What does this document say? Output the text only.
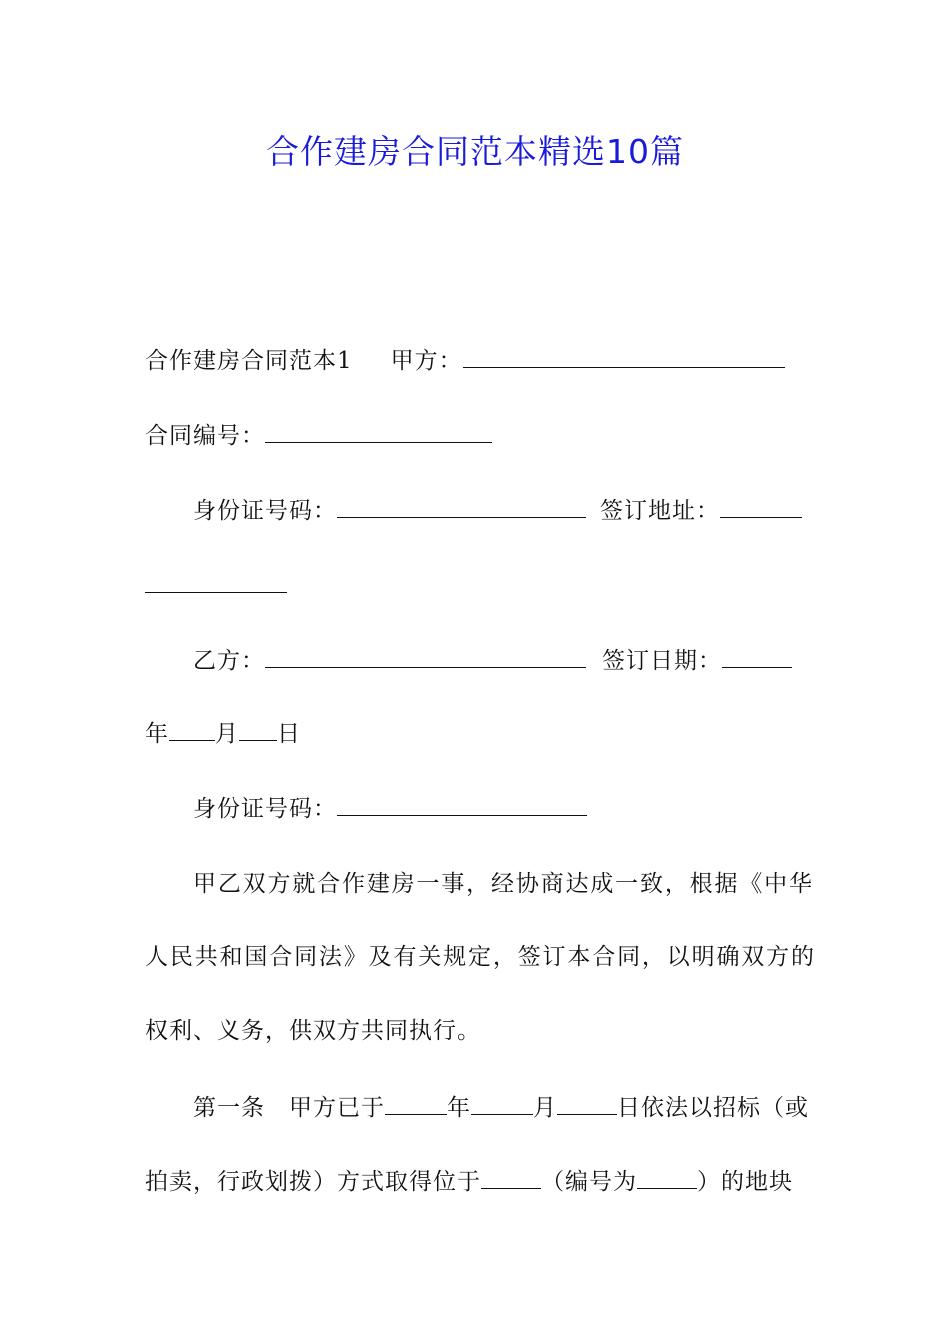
合作建房合同范本精选10篇
合作建房合同范本1 甲方：
合同编号：
身份证号码：	签订地址：
乙方：	签订日期：
年 月 日
身份证号码：
甲乙双方就合作建房一事，经协商达成一致，根据《中华
人民共和国合同法》及有关规定，签订本合同，以明确双方的
权利、义务，供双方共同执行。
第一条 甲方已于	年	月	日依法以招标（或
拍卖，行政划拨）方式取得位于	（编号为	）的地块
